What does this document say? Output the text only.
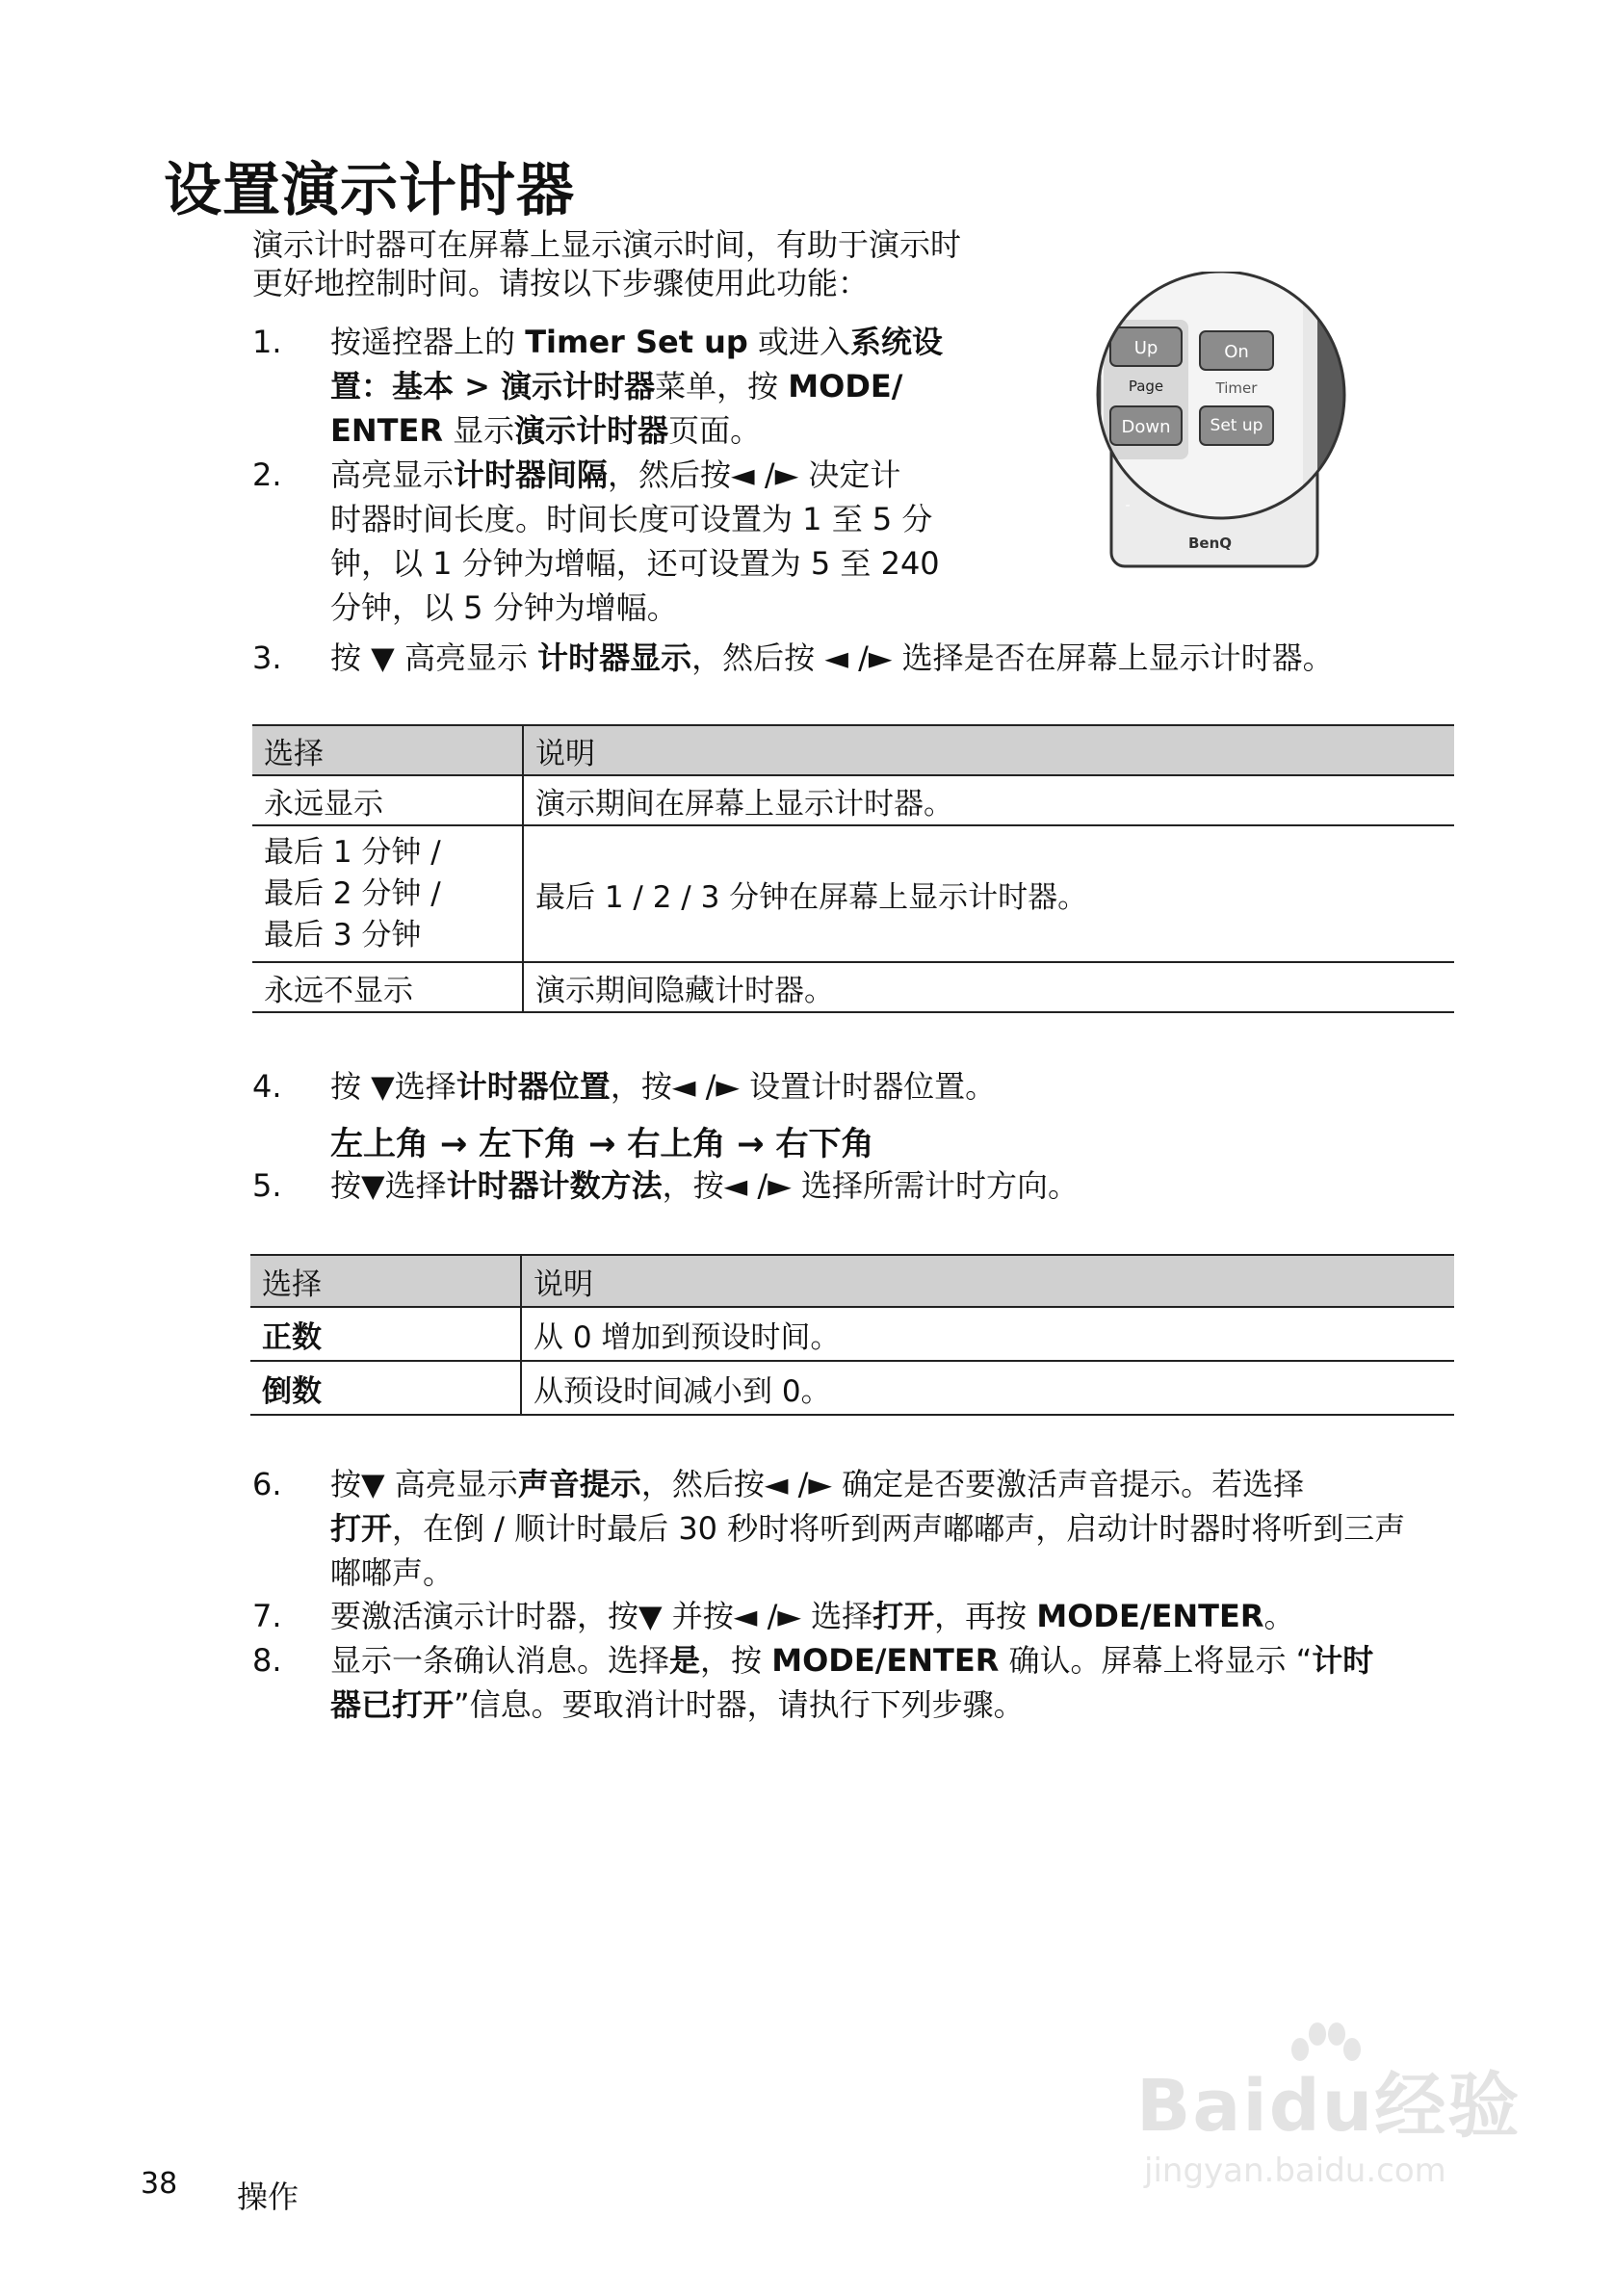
设置演示计时器
演示计时器可在屏幕上显示演示时间，有助于演示时更好地控制时间。请按以下步骤使用此功能：
Up
Page
Down
On
Timer
Set up
-
BenQ
1. 按遥控器上的 Timer Set up 或进入系统设
置：基本 > 演示计时器菜单，按 MODE/
ENTER 显示演示计时器页面。
2. 高亮显示计时器间隔，然后按◄ /► 决定计
时器时间长度。时间长度可设置为 1 至 5 分
钟，以 1 分钟为增幅，还可设置为 5 至 240
分钟，以 5 分钟为增幅。
3. 按 ▼ 高亮显示 计时器显示，然后按 ◄ /► 选择是否在屏幕上显示计时器。
选择	说明
永远显示	演示期间在屏幕上显示计时器。

最后 1 分钟 /
最后 2 分钟 /
最后 3 分钟	最后 1 / 2 / 3 分钟在屏幕上显示计时器。
永远不显示	演示期间隐藏计时器。
4. 按 ▼选择计时器位置，按◄ /► 设置计时器位置。
左上角 → 左下角 → 右上角 → 右下角
5. 按▼选择计时器计数方法，按◄ /► 选择所需计时方向。
选择	说明
正数	从 0 增加到预设时间。
倒数	从预设时间减小到 0。
6. 按▼ 高亮显示声音提示，然后按◄ /► 确定是否要激活声音提示。若选择
打开，在倒 / 顺计时最后 30 秒时将听到两声嘟嘟声，启动计时器时将听到三声
嘟嘟声。
7. 要激活演示计时器，按▼ 并按◄ /► 选择打开，再按 MODE/ENTER。
8. 显示一条确认消息。选择是，按 MODE/ENTER 确认。屏幕上将显示 “计时
器已打开”信息。要取消计时器，请执行下列步骤。
38 操作
Baidu经验
jingyan.baidu.com
